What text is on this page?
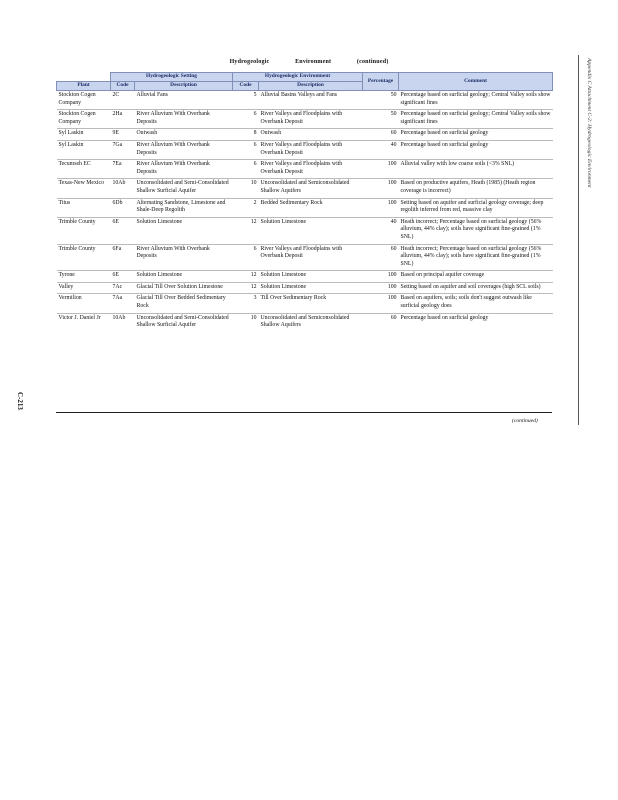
Hydrogeologic	Environment	(continued)	Appendix C Attachment C-2: Hydrogeologic Environment
C-213
	Hydrogeologic Setting		Hydrogeologic Environment		Percentage	Comment
Plant	Code	Description	Code	Description		
Stockton Cogen Company	2C	Alluvial Fans	5	Alluvial Basins Valleys and Fans	50	Percentage based on surficial geology; Central Valley soils show significant fines
Stockton Cogen Company	2Ha	River Alluvium With Overbank Deposits	6	River Valleys and Floodplains with Overbank Deposit	50	Percentage based on surficial geology; Central Valley soils show significant fines
Syl Laskin	9E	Outwash	8	Outwash	60	Percentage based on surficial geology
Syl Laskin	7Ga	River Alluvium With Overbank Deposits	6	River Valleys and Floodplains with Overbank Deposit	40	Percentage based on surficial geology
Tecumseh EC	7Ea	River Alluvium With Overbank Deposits	6	River Valleys and Floodplains with Overbank Deposit	100	Alluvial valley with low coarse soils (<3% SNL)
Texas-New Mexico	10Ab	Unconsolidated and Semi-Consolidated Shallow Surficial Aquifer	10	Unconsolidated and Semiconsolidated Shallow Aquifers	100	Based on productive aquifers, Heath (1985) (Heath region coverage is incorrect)
Titus	6Db	Alternating Sandstone, Limestone and Shale-Deep Regolith	2	Bedded Sedimentary Rock	100	Setting based on aquifer and surficial geology coverage; deep regolith inferred from red, massive clay
Trimble County	6E	Solution Limestone	12	Solution Limestone	40	Heath incorrect; Percentage based on surficial geology (56% alluvium, 44% clay); soils have significant fine-grained (1% SNL)
Trimble County	6Fa	River Alluvium With Overbank Deposits	6	River Valleys and Floodplains with Overbank Deposit	60	Heath incorrect; Percentage based on surficial geology (56% alluvium, 44% clay); soils have significant fine-grained (1% SNL)
Tyrone	6E	Solution Limestone	12	Solution Limestone	100	Based on principal aquifer coverage
Valley	7Ac	Glacial Till Over Solution Limestone	12	Solution Limestone	100	Setting based on aquifer and soil coverages (high SCL soils)
Vermilion	7Aa	Glacial Till Over Bedded Sedimentary Rock	3	Till Over Sedimentary Rock	100	Based on aquifers, soils; soils don't suggest outwash like surficial geology does
Victor J. Daniel Jr	10Ab	Unconsolidated and Semi-Consolidated Shallow Surficial Aquifer	10	Unconsolidated and Semiconsolidated Shallow Aquifers	60	Percentage based on surficial geology
(continued)
